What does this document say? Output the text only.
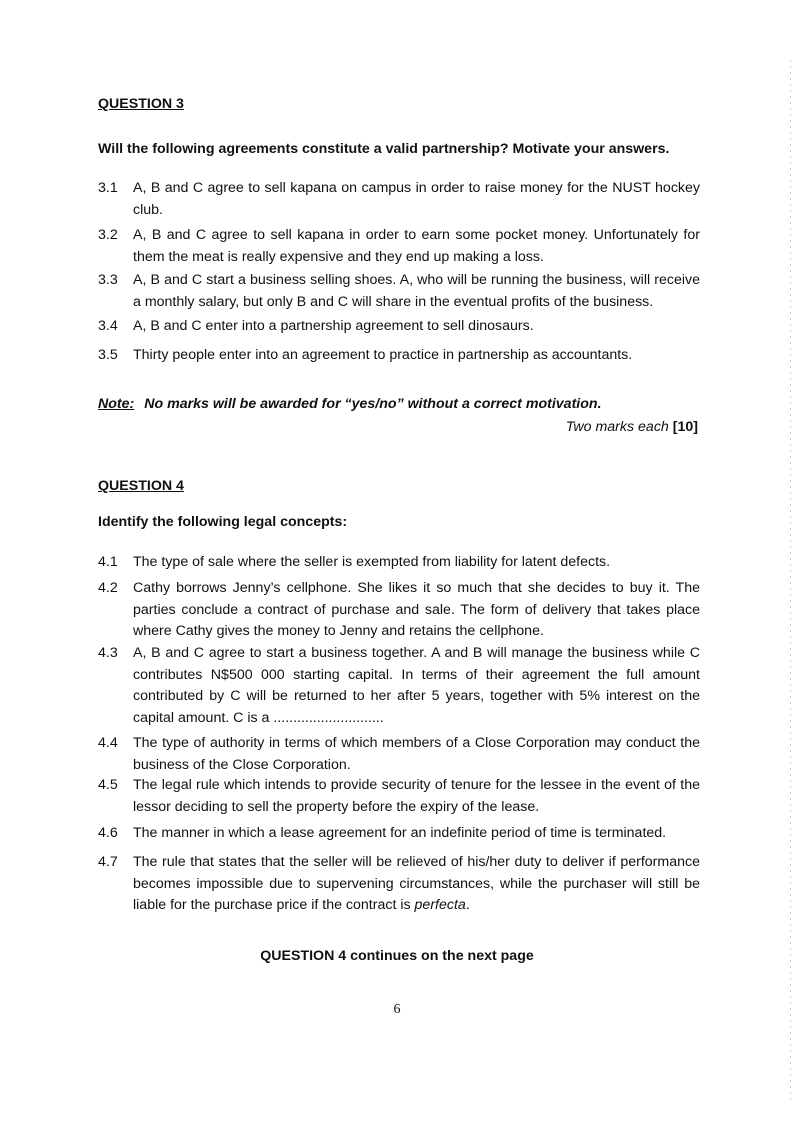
QUESTION 3
Will the following agreements constitute a valid partnership? Motivate your answers.
3.1 A, B and C agree to sell kapana on campus in order to raise money for the NUST hockey club.
3.2 A, B and C agree to sell kapana in order to earn some pocket money. Unfortunately for them the meat is really expensive and they end up making a loss.
3.3 A, B and C start a business selling shoes. A, who will be running the business, will receive a monthly salary, but only B and C will share in the eventual profits of the business.
3.4 A, B and C enter into a partnership agreement to sell dinosaurs.
3.5 Thirty people enter into an agreement to practice in partnership as accountants.
Note: No marks will be awarded for “yes/no” without a correct motivation.
Two marks each [10]
QUESTION 4
Identify the following legal concepts:
4.1 The type of sale where the seller is exempted from liability for latent defects.
4.2 Cathy borrows Jenny’s cellphone. She likes it so much that she decides to buy it. The parties conclude a contract of purchase and sale. The form of delivery that takes place where Cathy gives the money to Jenny and retains the cellphone.
4.3 A, B and C agree to start a business together. A and B will manage the business while C contributes N$500 000 starting capital. In terms of their agreement the full amount contributed by C will be returned to her after 5 years, together with 5% interest on the capital amount. C is a ............................
4.4 The type of authority in terms of which members of a Close Corporation may conduct the business of the Close Corporation.
4.5 The legal rule which intends to provide security of tenure for the lessee in the event of the lessor deciding to sell the property before the expiry of the lease.
4.6 The manner in which a lease agreement for an indefinite period of time is terminated.
4.7 The rule that states that the seller will be relieved of his/her duty to deliver if performance becomes impossible due to supervening circumstances, while the purchaser will still be liable for the purchase price if the contract is perfecta.
QUESTION 4 continues on the next page
6
